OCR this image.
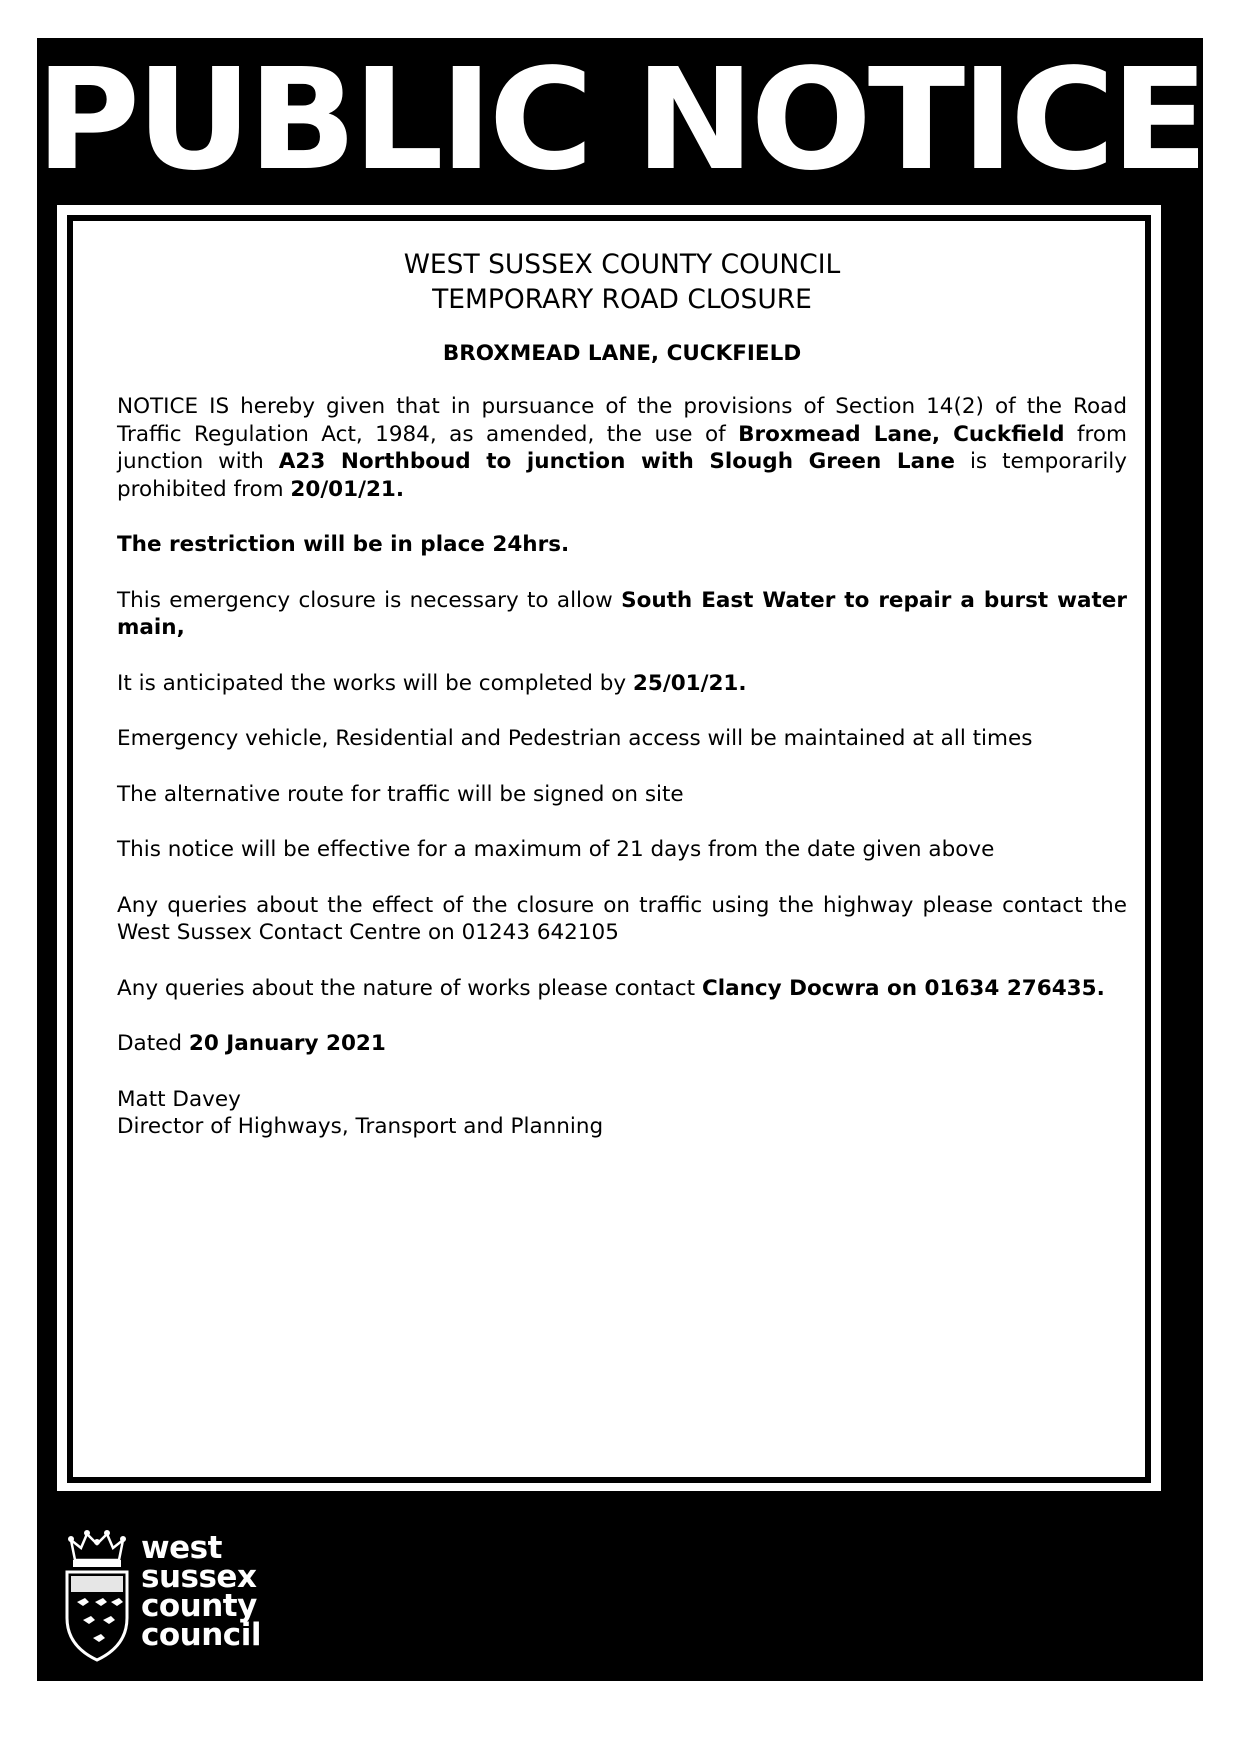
PUBLIC NOTICE
WEST SUSSEX COUNTY COUNCIL
TEMPORARY ROAD CLOSURE
BROXMEAD LANE, CUCKFIELD

NOTICE IS hereby given that in pursuance of the provisions of Section 14(2) of the Road Traffic Regulation Act, 1984, as amended, the use of Broxmead Lane, Cuckfield from junction with A23 Northboud to junction with Slough Green Lane is temporarily prohibited from 20/01/21.

The restriction will be in place 24hrs.

This emergency closure is necessary to allow South East Water to repair a burst water main,

It is anticipated the works will be completed by 25/01/21.

Emergency vehicle, Residential and Pedestrian access will be maintained at all times

The alternative route for traffic will be signed on site

This notice will be effective for a maximum of 21 days from the date given above

Any queries about the effect of the closure on traffic using the highway please contact the West Sussex Contact Centre on 01243 642105

Any queries about the nature of works please contact Clancy Docwra on 01634 276435.

Dated 20 January 2021

Matt Davey
Director of Highways, Transport and Planning
west
sussex
county
council
